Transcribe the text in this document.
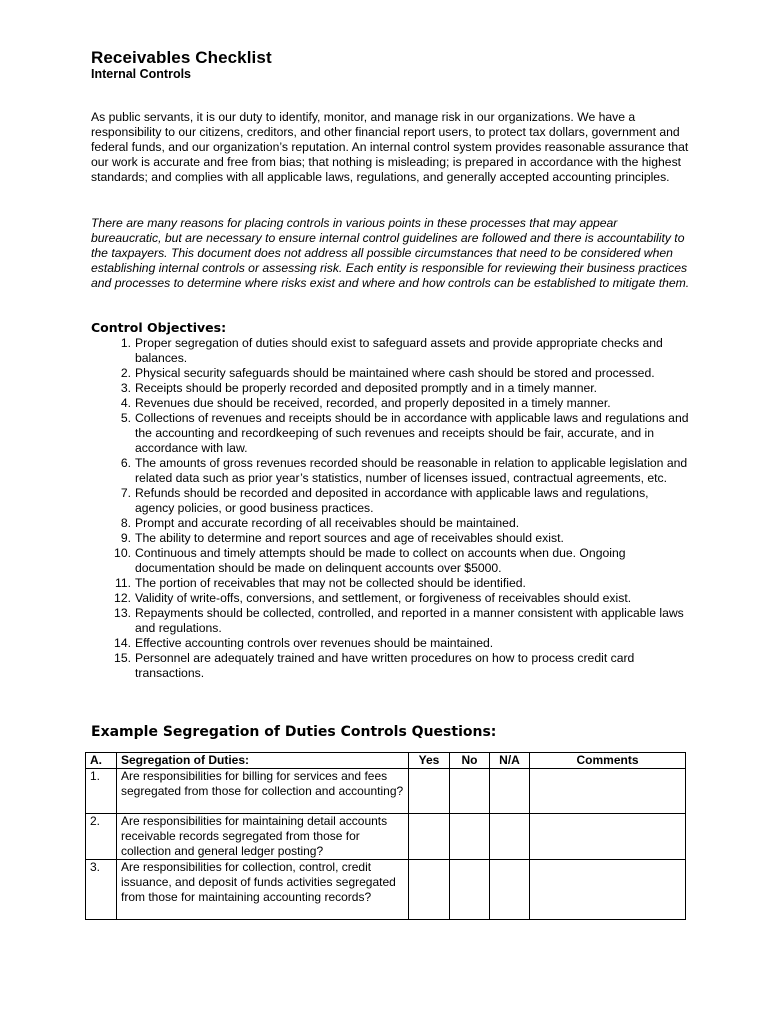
Receivables Checklist
Internal Controls

As public servants, it is our duty to identify, monitor, and manage risk in our organizations. We have a responsibility to our citizens, creditors, and other financial report users, to protect tax dollars, government and federal funds, and our organization’s reputation. An internal control system provides reasonable assurance that our work is accurate and free from bias; that nothing is misleading; is prepared in accordance with the highest standards; and complies with all applicable laws, regulations, and generally accepted accounting principles.

There are many reasons for placing controls in various points in these processes that may appear bureaucratic, but are necessary to ensure internal control guidelines are followed and there is accountability to the taxpayers. This document does not address all possible circumstances that need to be considered when establishing internal controls or assessing risk. Each entity is responsible for reviewing their business practices and processes to determine where risks exist and where and how controls can be established to mitigate them.

Control Objectives:
1. Proper segregation of duties should exist to safeguard assets and provide appropriate checks and balances.
2. Physical security safeguards should be maintained where cash should be stored and processed.
3. Receipts should be properly recorded and deposited promptly and in a timely manner.
4. Revenues due should be received, recorded, and properly deposited in a timely manner.
5. Collections of revenues and receipts should be in accordance with applicable laws and regulations and the accounting and recordkeeping of such revenues and receipts should be fair, accurate, and in accordance with law.
6. The amounts of gross revenues recorded should be reasonable in relation to applicable legislation and related data such as prior year’s statistics, number of licenses issued, contractual agreements, etc.
7. Refunds should be recorded and deposited in accordance with applicable laws and regulations, agency policies, or good business practices.
8. Prompt and accurate recording of all receivables should be maintained.
9. The ability to determine and report sources and age of receivables should exist.
10. Continuous and timely attempts should be made to collect on accounts when due. Ongoing documentation should be made on delinquent accounts over $5000.
11. The portion of receivables that may not be collected should be identified.
12. Validity of write-offs, conversions, and settlement, or forgiveness of receivables should exist.
13. Repayments should be collected, controlled, and reported in a manner consistent with applicable laws and regulations.
14. Effective accounting controls over revenues should be maintained.
15. Personnel are adequately trained and have written procedures on how to process credit card transactions.
Example Segregation of Duties Controls Questions:
A.	Segregation of Duties:	Yes	No	N/A	Comments
1.	Are responsibilities for billing for services and fees segregated from those for collection and accounting?				
2.	Are responsibilities for maintaining detail accounts receivable records segregated from those for collection and general ledger posting?				
3.	Are responsibilities for collection, control, credit issuance, and deposit of funds activities segregated from those for maintaining accounting records?				
